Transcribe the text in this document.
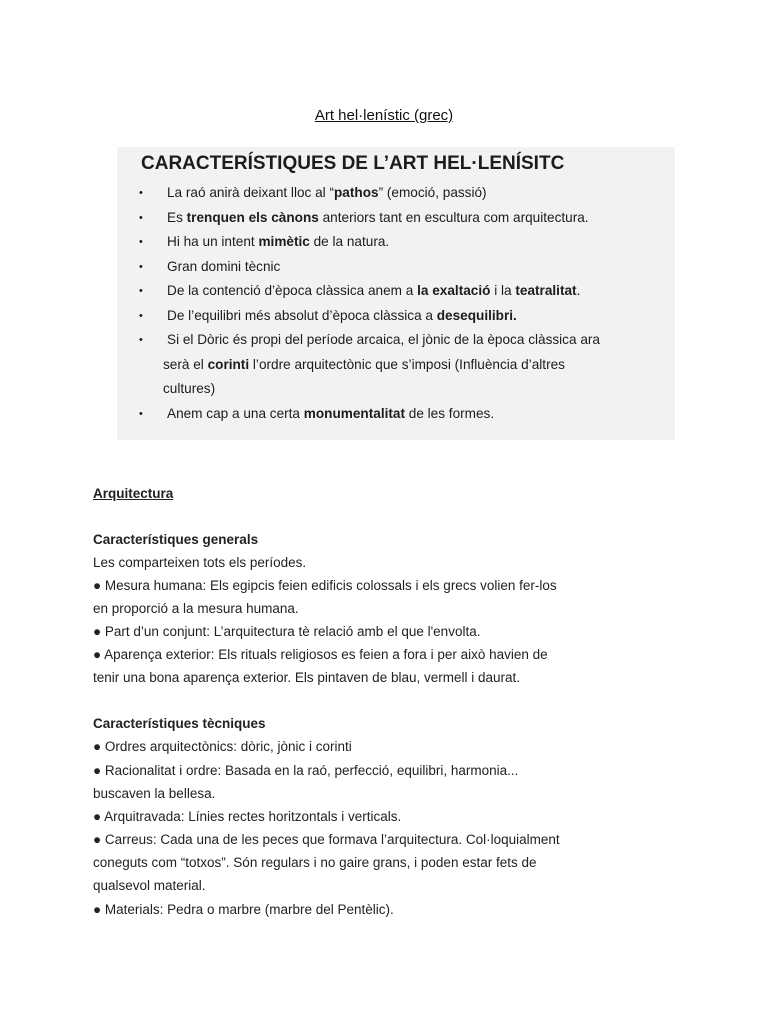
Art hel·lenístic (grec)
CARACTERÍSTIQUES DE L’ART HEL·LENÍSITC
• La raó anirà deixant lloc al “pathos” (emoció, passió)
• Es trenquen els cànons anteriors tant en escultura com arquitectura.
• Hi ha un intent mimètic de la natura.
• Gran domini tècnic
• De la contenció d’època clàssica anem a la exaltació i la teatralitat.
• De l’equilibri més absolut d’època clàssica a desequilibri.
• Si el Dòric és propi del període arcaica, el jònic de la època clàssica ara
serà el corinti l’ordre arquitectònic que s’imposi (Influència d’altres
cultures)
• Anem cap a una certa monumentalitat de les formes.
Arquitectura
Característiques generals
Les comparteixen tots els períodes.
● Mesura humana: Els egipcis feien edificis colossals i els grecs volien fer-los
en proporció a la mesura humana.
● Part d’un conjunt: L’arquitectura tè relació amb el que l'envolta.
● Aparença exterior: Els rituals religiosos es feien a fora i per això havien de
tenir una bona aparença exterior. Els pintaven de blau, vermell i daurat.
Característiques tècniques
● Ordres arquitectònics: dòric, jònic i corinti
● Racionalitat i ordre: Basada en la raó, perfecció, equilibri, harmonia...
buscaven la bellesa.
● Arquitravada: Línies rectes horitzontals i verticals.
● Carreus: Cada una de les peces que formava l’arquitectura. Col·loquialment
coneguts com “totxos”. Són regulars i no gaire grans, i poden estar fets de
qualsevol material.
● Materials: Pedra o marbre (marbre del Pentèlic).
